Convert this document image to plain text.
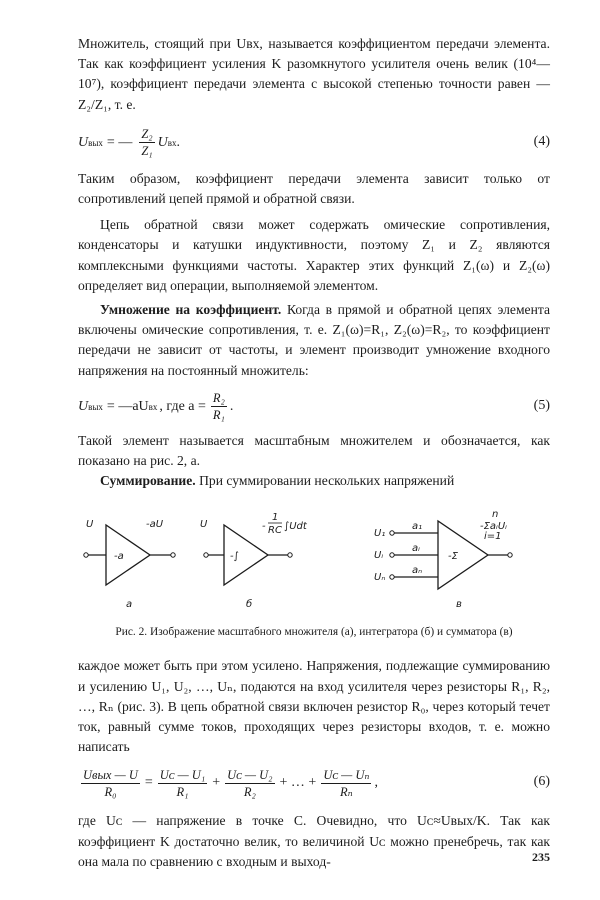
Множитель, стоящий при Uвх, называется коэффициентом передачи элемента. Так как коэффициент усиления K разомкнутого усилителя очень велик (10⁴—10⁷), коэффициент передачи элемента с высокой степенью точности равен — Z₂/Z₁, т. е.

U вых = — $\frac{\text{Z₂}}{\text{Z₁}}$ U вх .	(4)

Таким образом, коэффициент передачи элемента зависит только от сопротивлений цепей прямой и обратной связи.

Цепь обратной связи может содержать омические сопротивления, конденсаторы и катушки индуктивности, поэтому Z₁ и Z₂ являются комплексными функциями частоты. Характер этих функций Z₁(ω) и Z₂(ω) определяет вид операции, выполняемой элементом.

Умножение на коэффициент. Когда в прямой и обратной цепях элемента включены омические сопротивления, т. е. Z₁(ω)=R₁, Z₂(ω)=R₂, то коэффициент передачи не зависит от частоты, и элемент производит умножение входного напряжения на постоянный множитель:

U вых = —aU вх , где $a = \frac{\text{R₂}}{\text{R₁}}$ .	(5)

Такой элемент называется масштабным множителем и обозначается, как показано на рис. 2, a.

Суммирование. При суммировании нескольких напряжений

U	-aU
-a
a
U	-
1
RC ∫Udt
-∫
б
U₁
Uᵢ
Uₙ
a₁
aᵢ
aₙ
-Σ
n
-ΣaᵢUᵢ
i=1
в
Рис. 2. Изображение масштабного множителя (a), интегратора (б) и сумматора (в)

каждое может быть при этом усилено. Напряжения, подлежащие суммированию и усилению U₁, U₂, …, Uₙ, подаются на вход усилителя через резисторы R₁, R₂, …, Rₙ (рис. 3). В цепь обратной связи включен резистор R₀, через который течет ток, равный сумме токов, проходящих через резисторы входов, т. е. можно написать

$\frac{\text{Uвых — U}}{\text{R₀}} = \frac{\text{Uᴄ — U₁}}{\text{R₁}} + \frac{\text{Uᴄ — U₂}}{\text{R₂}}$ + … + $\frac{\text{Uᴄ — Uₙ}}{\text{Rₙ}}$ ,	(6)

где Uᴄ — напряжение в точке C. Очевидно, что Uᴄ≈Uвых/K. Так как коэффициент K достаточно велик, то величиной Uᴄ можно пренебречь, так как она мала по сравнению с входным и выход-	235
